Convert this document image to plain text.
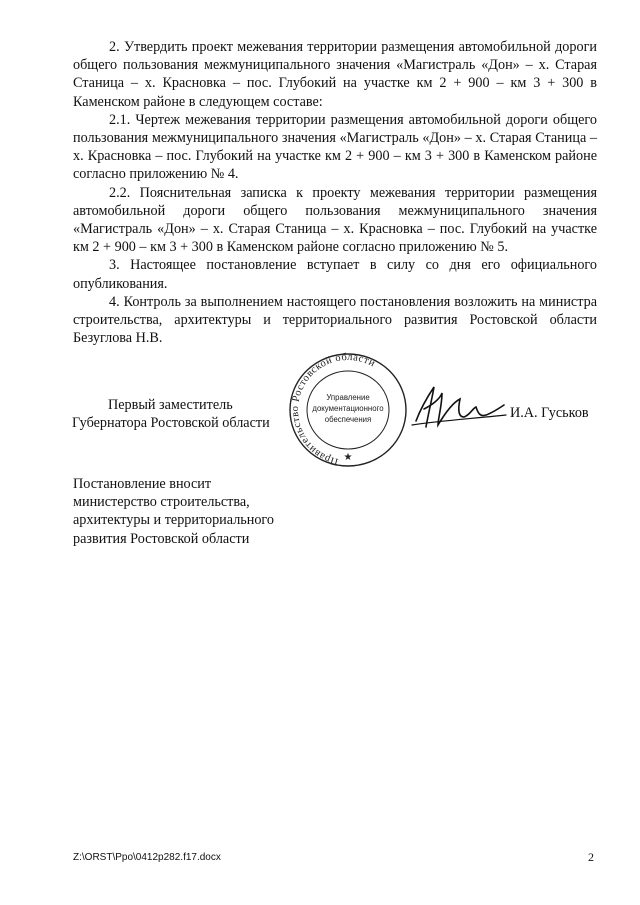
2. Утвердить проект межевания территории размещения автомобильной дороги общего пользования межмуниципального значения «Магистраль «Дон» – х. Старая Станица – х. Красновка – пос. Глубокий на участке км 2 + 900 – км 3 + 300 в Каменском районе в следующем составе:

2.1. Чертеж межевания территории размещения автомобильной дороги общего пользования межмуниципального значения «Магистраль «Дон» – х. Старая Станица – х. Красновка – пос. Глубокий на участке км 2 + 900 – км 3 + 300 в Каменском районе согласно приложению № 4.

2.2. Пояснительная записка к проекту межевания территории размещения автомобильной дороги общего пользования межмуниципального значения «Магистраль «Дон» – х. Старая Станица – х. Красновка – пос. Глубокий на участке км 2 + 900 – км 3 + 300 в Каменском районе согласно приложению № 5.

3. Настоящее постановление вступает в силу со дня его официального опубликования.

4. Контроль за выполнением настоящего постановления возложить на министра строительства, архитектуры и территориального развития Ростовской области Безуглова Н.В.

Первый заместитель
Губернатора Ростовской области
Правительство Ростовской области
★
Управление
документационного
обеспечения	И.А. Гуськов
Постановление вносит
министерство строительства,
архитектуры и территориального
развития Ростовской области
Z:\ORST\Ppo\0412p282.f17.docx	2
